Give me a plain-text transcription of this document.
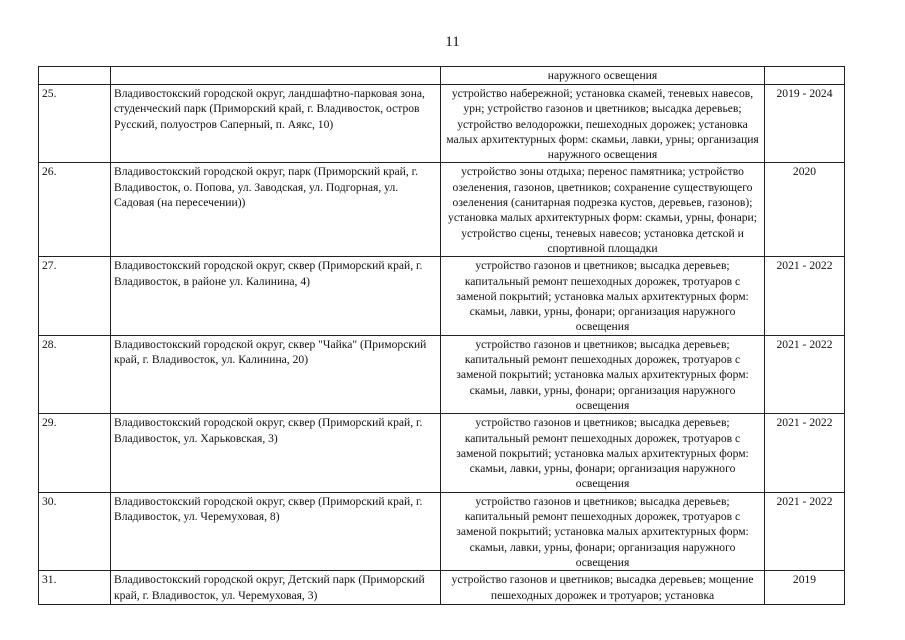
11
		наружного освещения	
25.	Владивостокский городской округ, ландшафтно-парковая зона, студенческий парк (Приморский край, г. Владивосток, остров Русский, полуостров Саперный, п. Аякс, 10)	устройство набережной; установка скамей, теневых навесов, урн; устройство газонов и цветников; высадка деревьев; устройство велодорожки, пешеходных дорожек; установка малых архитектурных форм: скамьи, лавки, урны; организация наружного освещения	2019 - 2024
26.	Владивостокский городской округ, парк (Приморский край, г. Владивосток, о. Попова, ул. Заводская, ул. Подгорная, ул. Садовая (на пересечении))	устройство зоны отдыха; перенос памятника; устройство озеленения, газонов, цветников; сохранение существующего озеленения (санитарная подрезка кустов, деревьев, газонов); установка малых архитектурных форм: скамьи, урны, фонари; устройство сцены, теневых навесов; установка детской и спортивной площадки	2020
27.	Владивостокский городской округ, сквер (Приморский край, г. Владивосток, в районе ул. Калинина, 4)	устройство газонов и цветников; высадка деревьев; капитальный ремонт пешеходных дорожек, тротуаров с заменой покрытий; установка малых архитектурных форм: скамьи, лавки, урны, фонари; организация наружного освещения	2021 - 2022
28.	Владивостокский городской округ, сквер "Чайка" (Приморский край, г. Владивосток, ул. Калинина, 20)	устройство газонов и цветников; высадка деревьев; капитальный ремонт пешеходных дорожек, тротуаров с заменой покрытий; установка малых архитектурных форм: скамьи, лавки, урны, фонари; организация наружного освещения	2021 - 2022
29.	Владивостокский городской округ, сквер (Приморский край, г. Владивосток, ул. Харьковская, 3)	устройство газонов и цветников; высадка деревьев; капитальный ремонт пешеходных дорожек, тротуаров с заменой покрытий; установка малых архитектурных форм: скамьи, лавки, урны, фонари; организация наружного освещения	2021 - 2022
30.	Владивостокский городской округ, сквер (Приморский край, г. Владивосток, ул. Черемуховая, 8)	устройство газонов и цветников; высадка деревьев; капитальный ремонт пешеходных дорожек, тротуаров с заменой покрытий; установка малых архитектурных форм: скамьи, лавки, урны, фонари; организация наружного освещения	2021 - 2022
31.	Владивостокский городской округ, Детский парк (Приморский край, г. Владивосток, ул. Черемуховая, 3)	устройство газонов и цветников; высадка деревьев; мощение пешеходных дорожек и тротуаров; установка	2019
